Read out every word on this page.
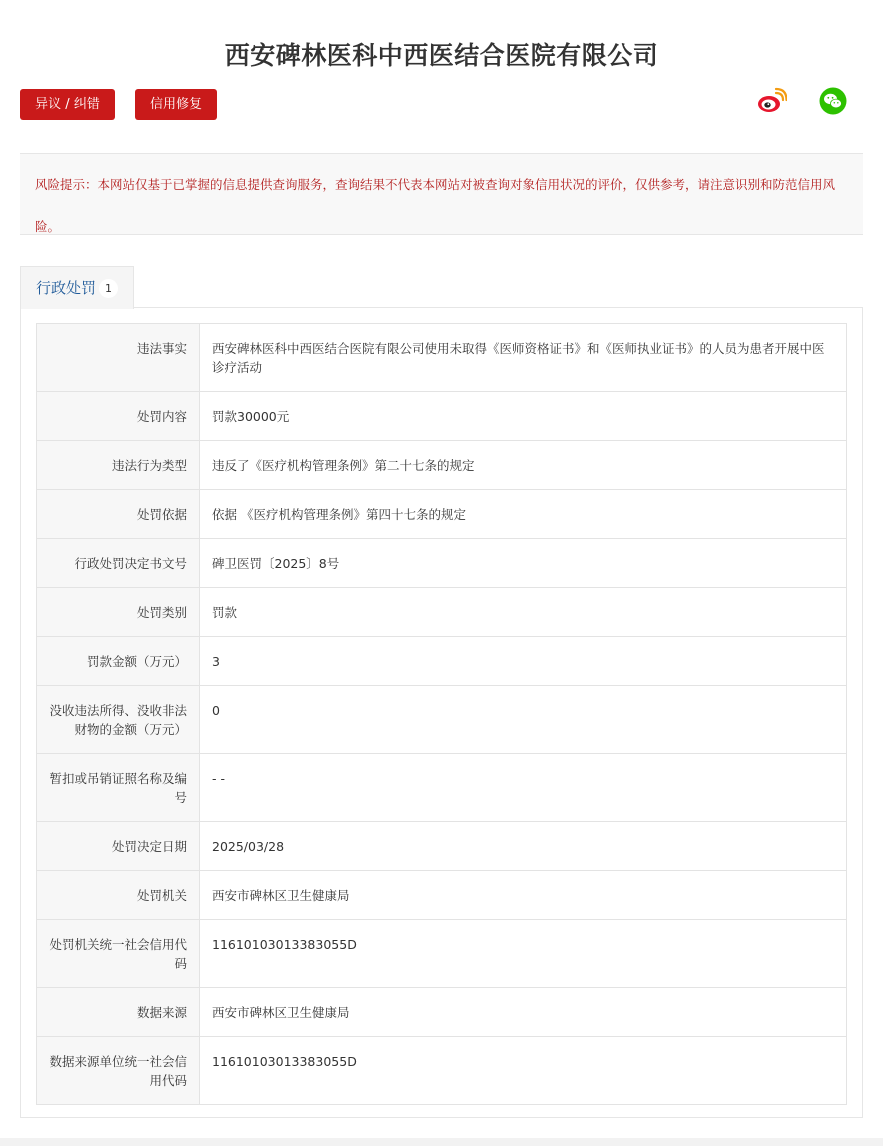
西安碑林医科中西医结合医院有限公司
异议 / 纠错	信用修复
风险提示：本网站仅基于已掌握的信息提供查询服务，查询结果不代表本网站对被查询对象信用状况的评价，仅供参考，请注意识别和防范信用风险。
行政处罚 1
违法事实	西安碑林医科中西医结合医院有限公司使用未取得《医师资格证书》和《医师执业证书》的人员为患者开展中医诊疗活动
处罚内容	罚款30000元
违法行为类型	违反了《医疗机构管理条例》第二十七条的规定
处罚依据	依据 《医疗机构管理条例》第四十七条的规定
行政处罚决定书文号	碑卫医罚〔2025〕8号
处罚类别	罚款
罚款金额（万元）	3
没收违法所得、没收非法财物的金额（万元）	0
暂扣或吊销证照名称及编号	- -
处罚决定日期	2025/03/28
处罚机关	西安市碑林区卫生健康局
处罚机关统一社会信用代码	11610103013383055D
数据来源	西安市碑林区卫生健康局
数据来源单位统一社会信用代码	11610103013383055D
